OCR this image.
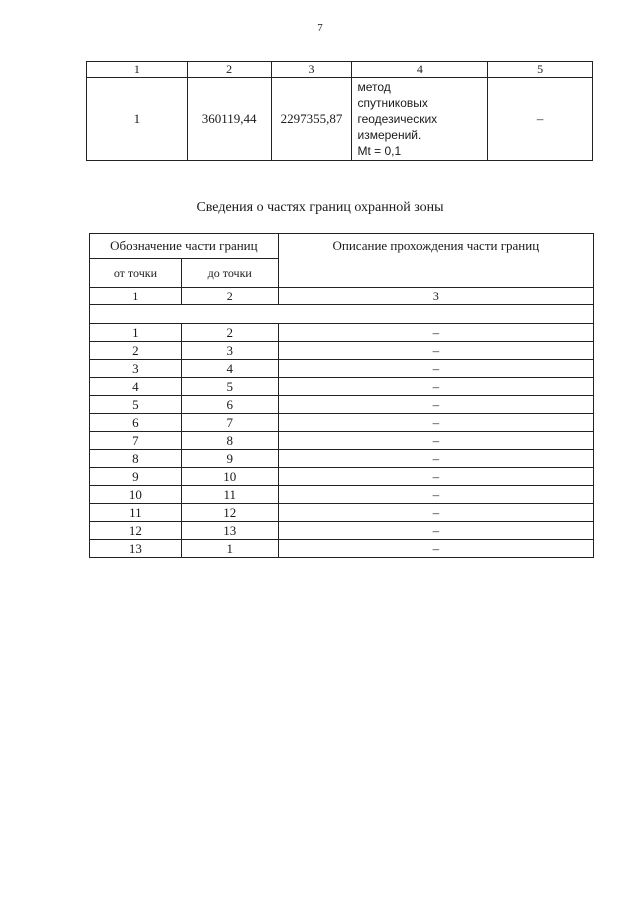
7
1	2	3	4	5
1	360119,44	2297355,87	метод
спутниковых
геодезических
измерений.
Mt = 0,1	–
Сведения о частях границ охранной зоны
Обозначение части границ		Описание прохождения части границ
от точки	до точки	
1	2	3

1	2	–
2	3	–
3	4	–
4	5	–
5	6	–
6	7	–
7	8	–
8	9	–
9	10	–
10	11	–
11	12	–
12	13	–
13	1	–
